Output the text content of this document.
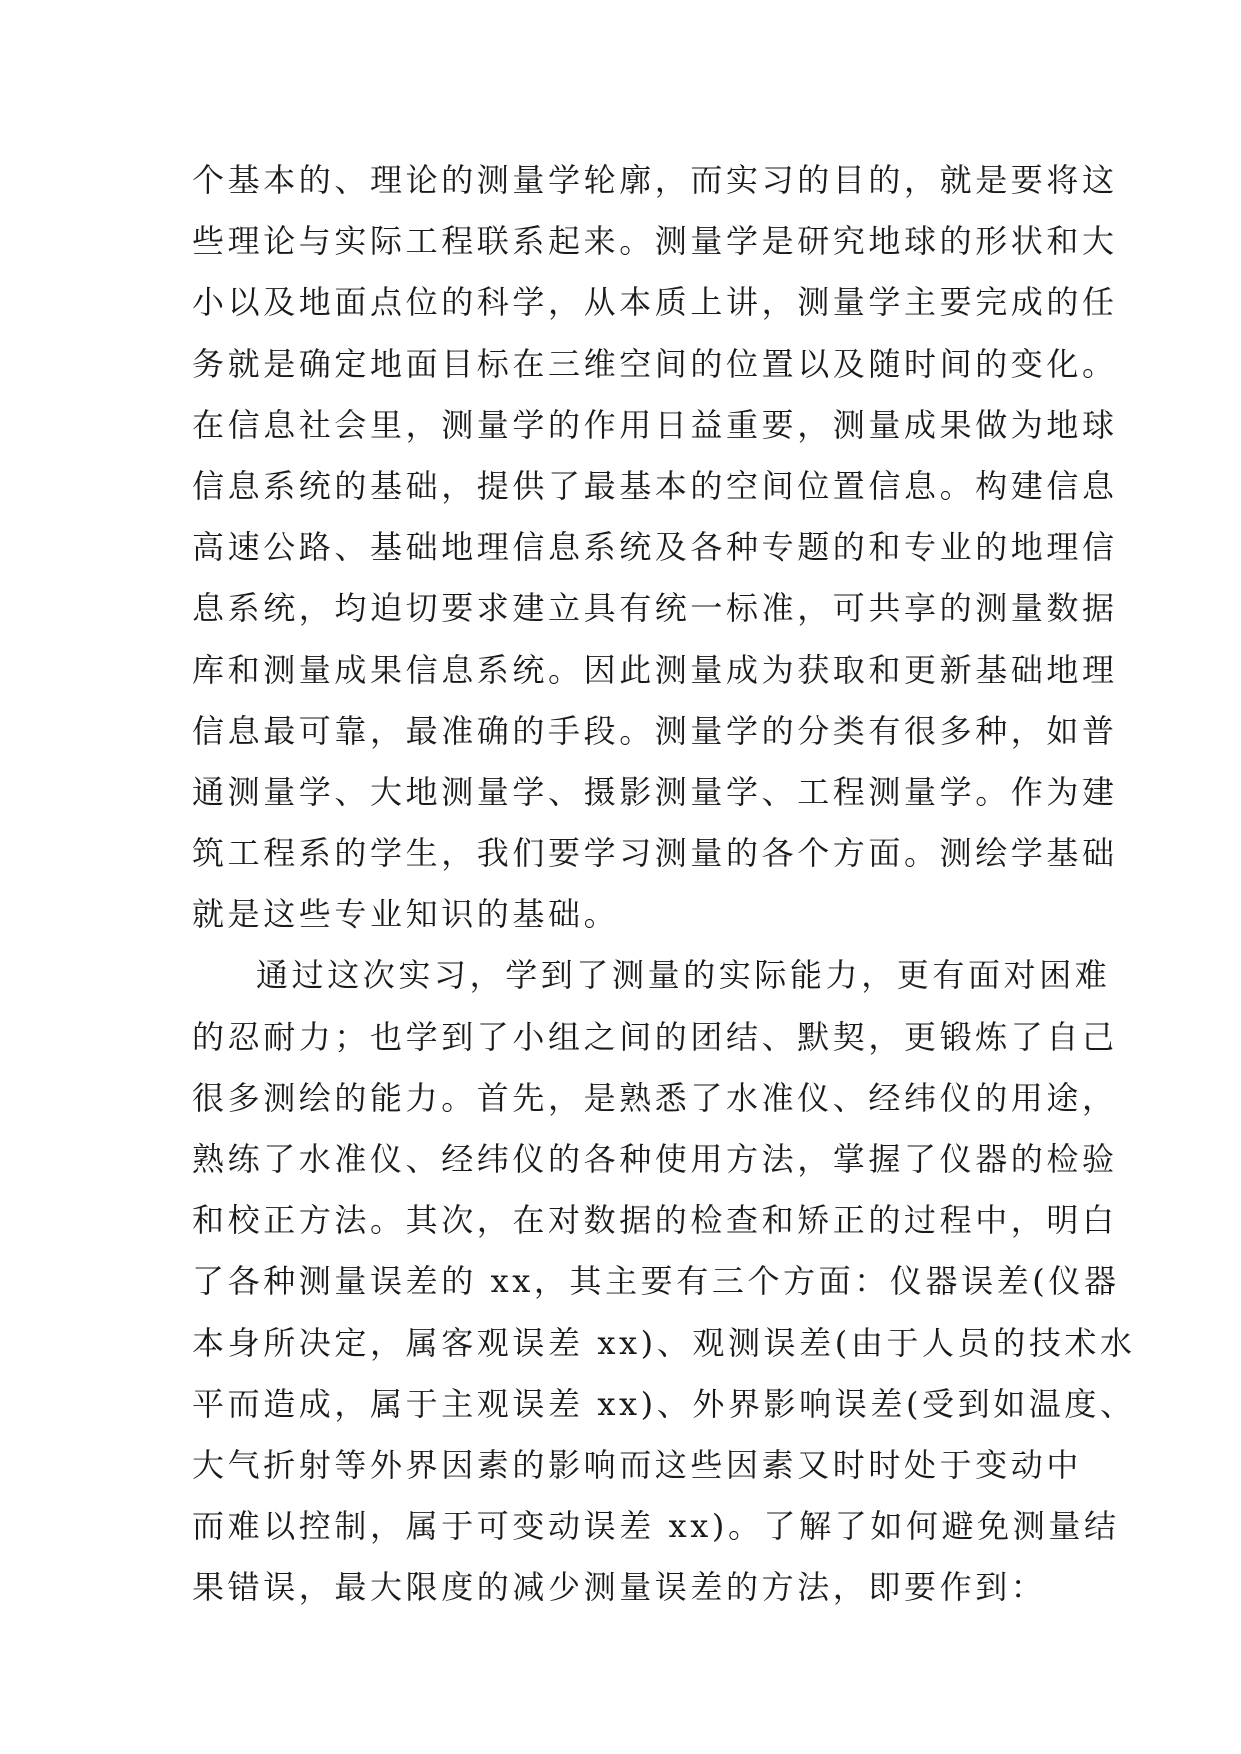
个基本的、理论的测量学轮廓，而实习的目的，就是要将这
些理论与实际工程联系起来。测量学是研究地球的形状和大
小以及地面点位的科学，从本质上讲，测量学主要完成的任
务就是确定地面目标在三维空间的位置以及随时间的变化。
在信息社会里，测量学的作用日益重要，测量成果做为地球
信息系统的基础，提供了最基本的空间位置信息。构建信息
高速公路、基础地理信息系统及各种专题的和专业的地理信
息系统，均迫切要求建立具有统一标准，可共享的测量数据
库和测量成果信息系统。因此测量成为获取和更新基础地理
信息最可靠，最准确的手段。测量学的分类有很多种，如普
通测量学、大地测量学、摄影测量学、工程测量学。作为建
筑工程系的学生，我们要学习测量的各个方面。测绘学基础
就是这些专业知识的基础。
通过这次实习，学到了测量的实际能力，更有面对困难
的忍耐力；也学到了小组之间的团结、默契，更锻炼了自己
很多测绘的能力。首先，是熟悉了水准仪、经纬仪的用途，
熟练了水准仪、经纬仪的各种使用方法，掌握了仪器的检验
和校正方法。其次，在对数据的检查和矫正的过程中，明白
了各种测量误差的 xx，其主要有三个方面：仪器误差(仪器
本身所决定，属客观误差 xx)、观测误差(由于人员的技术水
平而造成，属于主观误差 xx)、外界影响误差(受到如温度、
大气折射等外界因素的影响而这些因素又时时处于变动中
而难以控制，属于可变动误差 xx)。了解了如何避免测量结
果错误，最大限度的减少测量误差的方法，即要作到：
